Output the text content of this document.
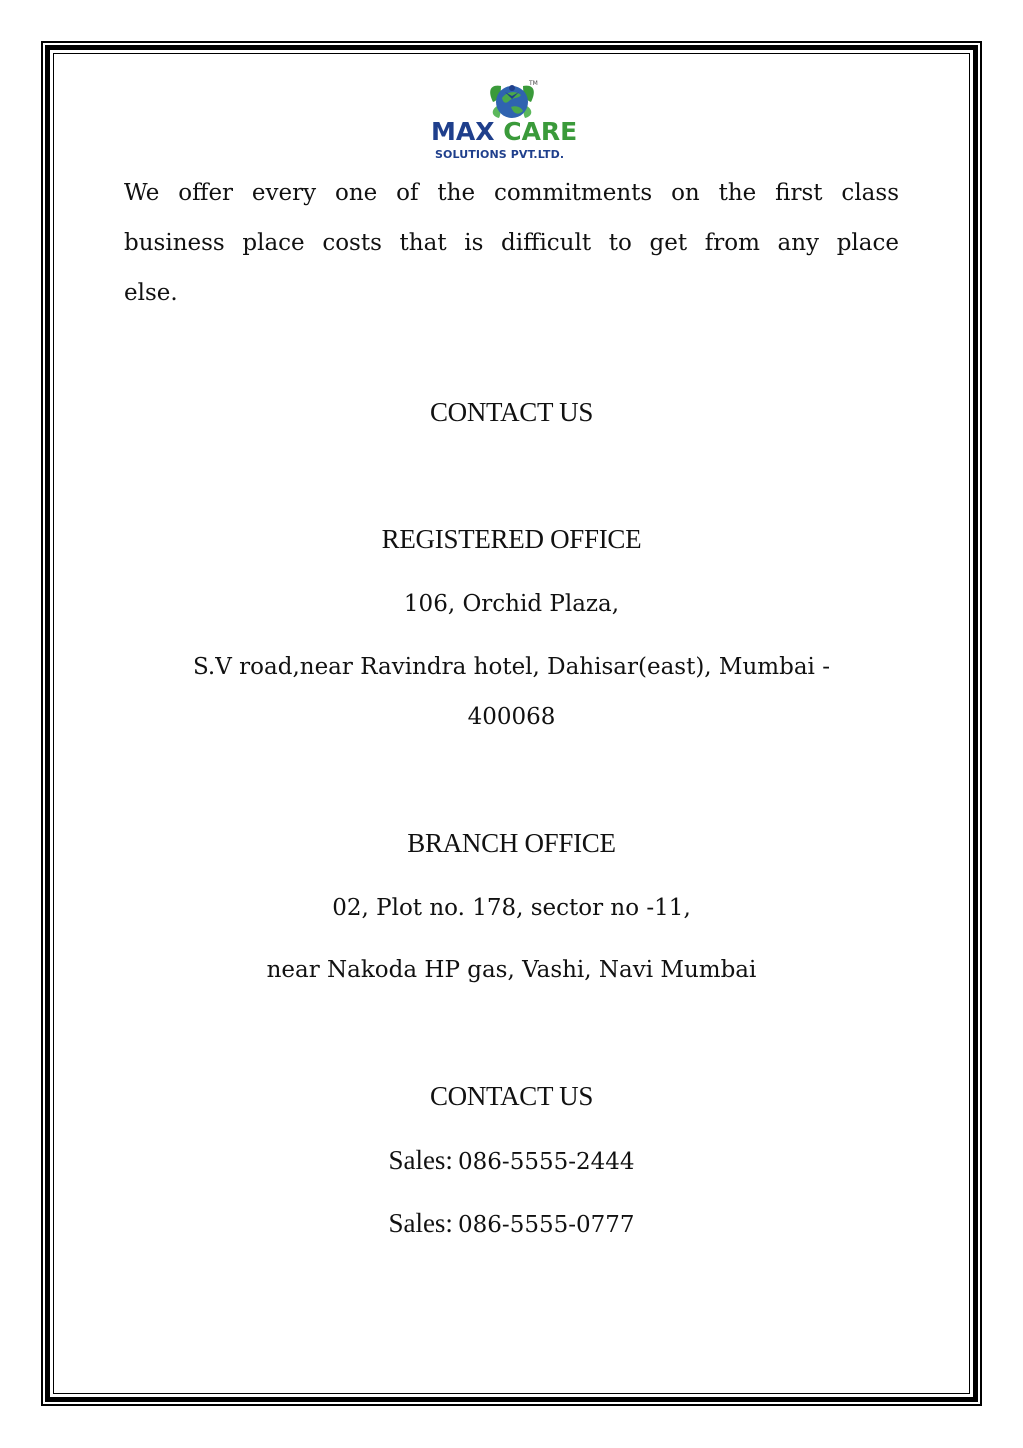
TM
MAX CARE
SOLUTIONS PVT.LTD.
We offer every one of the commitments on the first class business place costs that is difficult to get from any place else.
CONTACT US
REGISTERED OFFICE
106, Orchid Plaza,
S.V road,near Ravindra hotel, Dahisar(east), Mumbai -
400068
BRANCH OFFICE
02, Plot no. 178, sector no -11,
near Nakoda HP gas, Vashi, Navi Mumbai
CONTACT US
Sales: 086-5555-2444
Sales: 086-5555-0777
